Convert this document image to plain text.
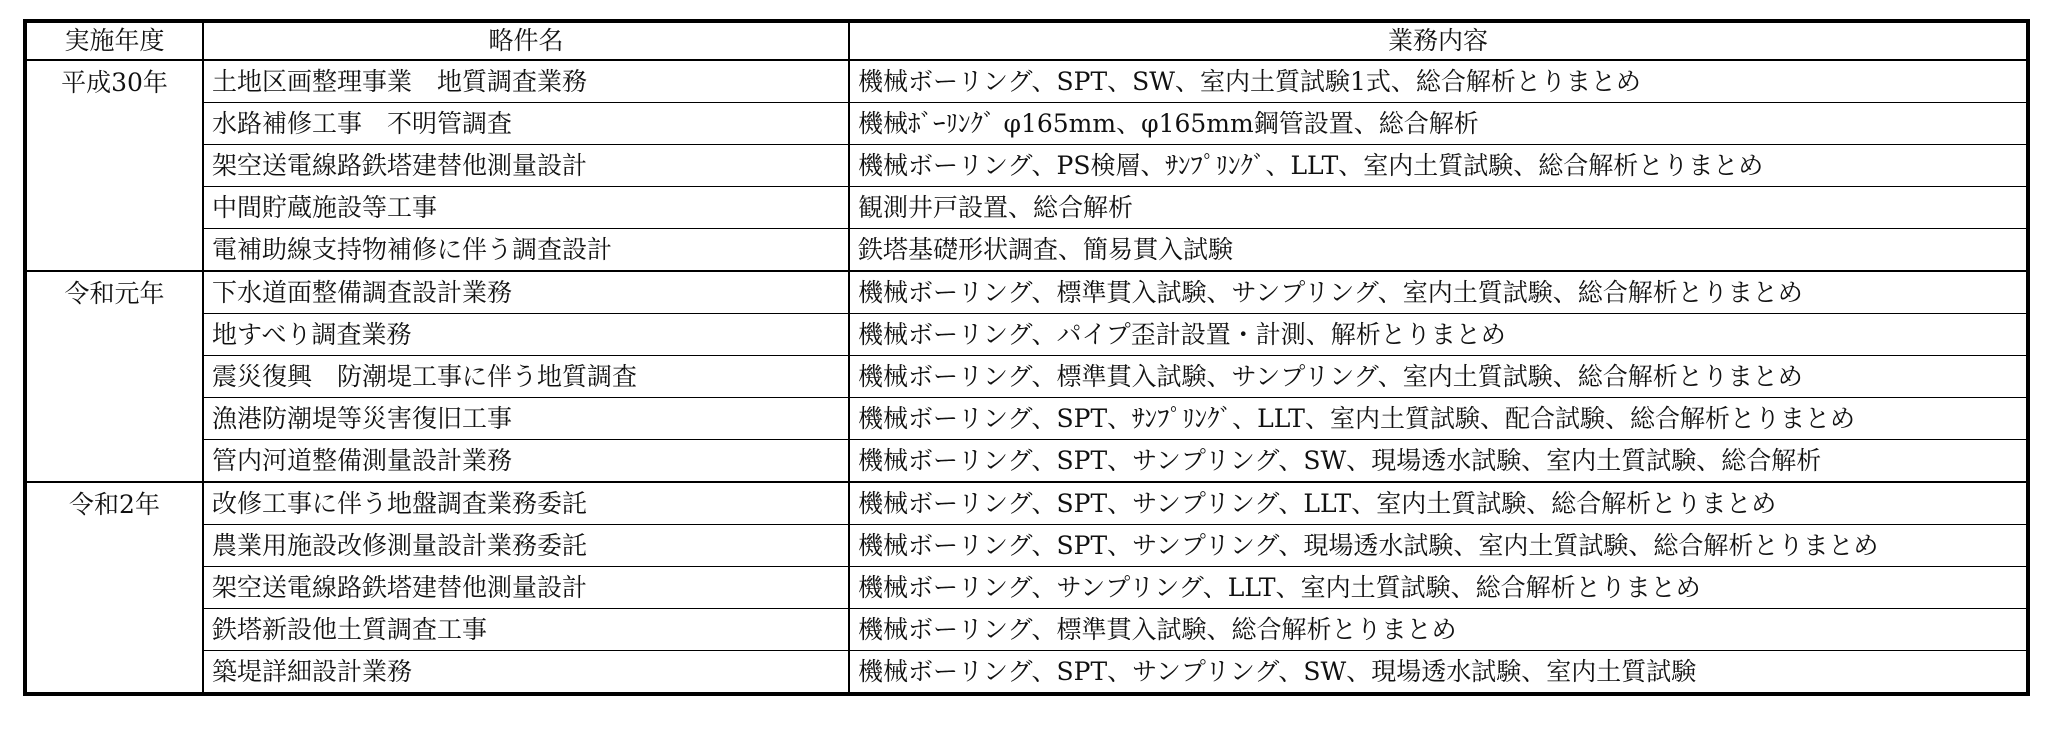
実施年度	略件名	業務内容
平成30年	土地区画整理事業　地質調査業務	機械ボーリング、SPT、SW、室内土質試験1式、総合解析とりまとめ
	水路補修工事　不明管調査	機械ﾎﾞｰﾘﾝｸﾞ φ165mm、φ165mm鋼管設置、総合解析
	架空送電線路鉄塔建替他測量設計	機械ボーリング、PS検層、ｻﾝﾌﾟﾘﾝｸﾞ、LLT、室内土質試験、総合解析とりまとめ
	中間貯蔵施設等工事	観測井戸設置、総合解析
	電補助線支持物補修に伴う調査設計	鉄塔基礎形状調査、簡易貫入試験
令和元年	下水道面整備調査設計業務	機械ボーリング、標準貫入試験、サンプリング、室内土質試験、総合解析とりまとめ
	地すべり調査業務	機械ボーリング、パイプ歪計設置・計測、解析とりまとめ
	震災復興　防潮堤工事に伴う地質調査	機械ボーリング、標準貫入試験、サンプリング、室内土質試験、総合解析とりまとめ
	漁港防潮堤等災害復旧工事	機械ボーリング、SPT、ｻﾝﾌﾟﾘﾝｸﾞ、LLT、室内土質試験、配合試験、総合解析とりまとめ
	管内河道整備測量設計業務	機械ボーリング、SPT、サンプリング、SW、現場透水試験、室内土質試験、総合解析
令和2年	改修工事に伴う地盤調査業務委託	機械ボーリング、SPT、サンプリング、LLT、室内土質試験、総合解析とりまとめ
	農業用施設改修測量設計業務委託	機械ボーリング、SPT、サンプリング、現場透水試験、室内土質試験、総合解析とりまとめ
	架空送電線路鉄塔建替他測量設計	機械ボーリング、サンプリング、LLT、室内土質試験、総合解析とりまとめ
	鉄塔新設他土質調査工事	機械ボーリング、標準貫入試験、総合解析とりまとめ
	築堤詳細設計業務	機械ボーリング、SPT、サンプリング、SW、現場透水試験、室内土質試験
